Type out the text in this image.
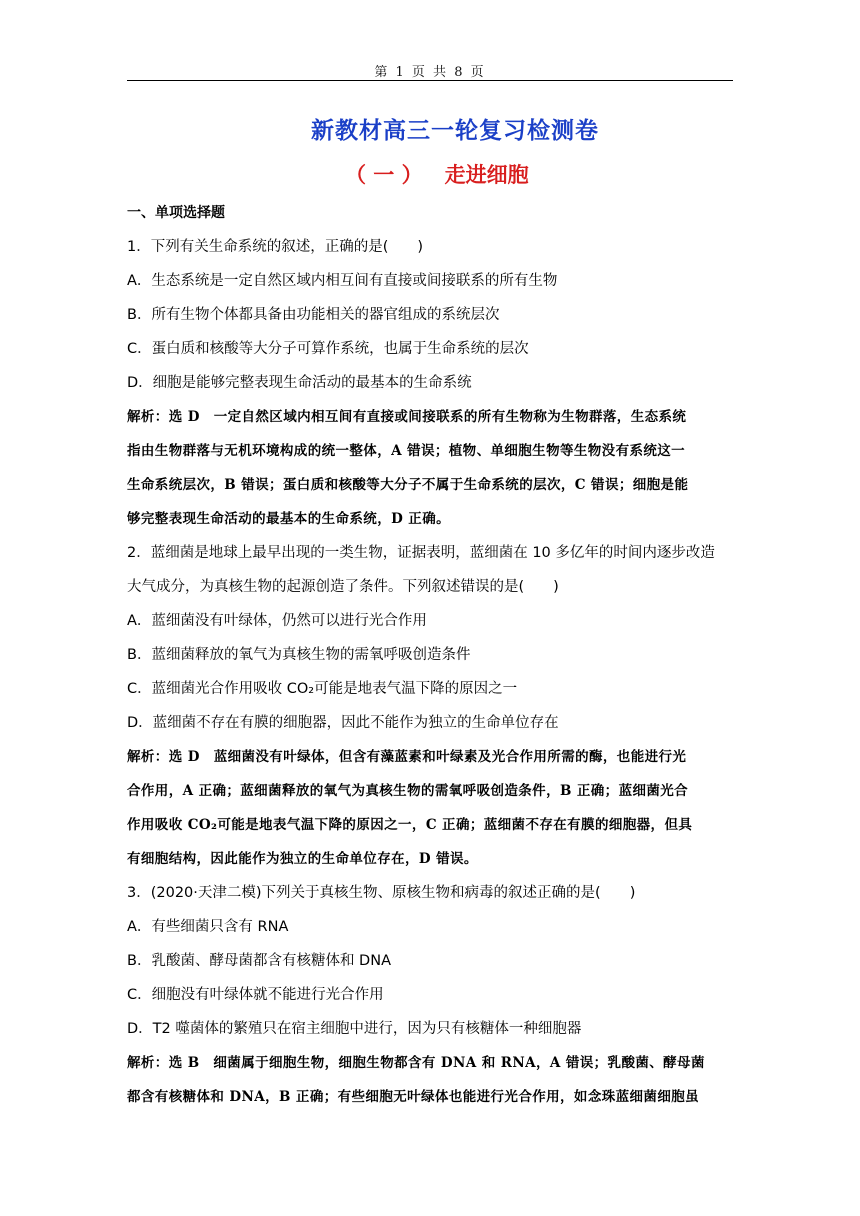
第 1 页 共 8 页
新教材高三一轮复习检测卷
（ 一 ） 走进细胞
一、单项选择题
1．下列有关生命系统的叙述，正确的是(　　)
A．生态系统是一定自然区域内相互间有直接或间接联系的所有生物
B．所有生物个体都具备由功能相关的器官组成的系统层次
C．蛋白质和核酸等大分子可算作系统，也属于生命系统的层次
D．细胞是能够完整表现生命活动的最基本的生命系统
解析：选 D　一定自然区域内相互间有直接或间接联系的所有生物称为生物群落，生态系统
指由生物群落与无机环境构成的统一整体，A 错误；植物、单细胞生物等生物没有系统这一
生命系统层次，B 错误；蛋白质和核酸等大分子不属于生命系统的层次，C 错误；细胞是能
够完整表现生命活动的最基本的生命系统，D 正确。
2．蓝细菌是地球上最早出现的一类生物，证据表明，蓝细菌在 10 多亿年的时间内逐步改造
大气成分，为真核生物的起源创造了条件。下列叙述错误的是(　　)
A．蓝细菌没有叶绿体，仍然可以进行光合作用
B．蓝细菌释放的氧气为真核生物的需氧呼吸创造条件
C．蓝细菌光合作用吸收 CO₂可能是地表气温下降的原因之一
D．蓝细菌不存在有膜的细胞器，因此不能作为独立的生命单位存在
解析：选 D　蓝细菌没有叶绿体，但含有藻蓝素和叶绿素及光合作用所需的酶，也能进行光
合作用，A 正确；蓝细菌释放的氧气为真核生物的需氧呼吸创造条件，B 正确；蓝细菌光合
作用吸收 CO₂可能是地表气温下降的原因之一，C 正确；蓝细菌不存在有膜的细胞器，但具
有细胞结构，因此能作为独立的生命单位存在，D 错误。
3．(2020·天津二模)下列关于真核生物、原核生物和病毒的叙述正确的是(　　)
A．有些细菌只含有 RNA
B．乳酸菌、酵母菌都含有核糖体和 DNA
C．细胞没有叶绿体就不能进行光合作用
D．T2 噬菌体的繁殖只在宿主细胞中进行，因为只有核糖体一种细胞器
解析：选 B　细菌属于细胞生物，细胞生物都含有 DNA 和 RNA，A 错误；乳酸菌、酵母菌
都含有核糖体和 DNA，B 正确；有些细胞无叶绿体也能进行光合作用，如念珠蓝细菌细胞虽
